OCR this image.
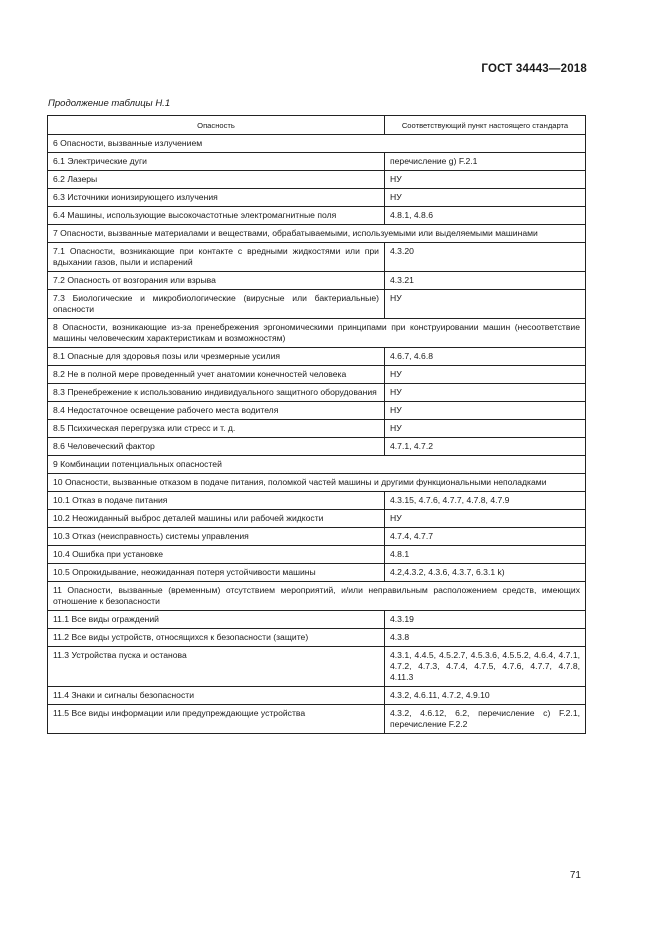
ГОСТ 34443—2018
Продолжение таблицы Н.1
Опасность	Соответствующий пункт настоящего стандарта
6 Опасности, вызванные излучением	
6.1 Электрические дуги	перечисление g) F.2.1
6.2 Лазеры	НУ
6.3 Источники ионизирующего излучения	НУ
6.4 Машины, использующие высокочастотные электромагнитные поля	4.8.1, 4.8.6
7 Опасности, вызванные материалами и веществами, обрабатываемыми, используемыми или выделяемыми машинами	
7.1 Опасности, возникающие при контакте с вредными жидкостями или при вдыхании газов, пыли и испарений	4.3.20
7.2 Опасность от возгорания или взрыва	4.3.21
7.3 Биологические и микробиологические (вирусные или бактериальные) опасности	НУ
8 Опасности, возникающие из-за пренебрежения эргономическими принципами при конструировании машин (несоответствие машины человеческим характеристикам и возможностям)	
8.1 Опасные для здоровья позы или чрезмерные усилия	4.6.7, 4.6.8
8.2 Не в полной мере проведенный учет анатомии конечностей человека	НУ
8.3 Пренебрежение к использованию индивидуального защитного оборудования	НУ
8.4 Недостаточное освещение рабочего места водителя	НУ
8.5 Психическая перегрузка или стресс и т. д.	НУ
8.6 Человеческий фактор	4.7.1, 4.7.2
9 Комбинации потенциальных опасностей	
10 Опасности, вызванные отказом в подаче питания, поломкой частей машины и другими функциональными неполадками	
10.1 Отказ в подаче питания	4.3.15, 4.7.6, 4.7.7, 4.7.8, 4.7.9
10.2 Неожиданный выброс деталей машины или рабочей жидкости	НУ
10.3 Отказ (неисправность) системы управления	4.7.4, 4.7.7
10.4 Ошибка при установке	4.8.1
10.5 Опрокидывание, неожиданная потеря устойчивости машины	4.2,4.3.2, 4.3.6, 4.3.7, 6.3.1 k)
11 Опасности, вызванные (временным) отсутствием мероприятий, и/или неправильным расположением средств, имеющих отношение к безопасности	
11.1 Все виды ограждений	4.3.19
11.2 Все виды устройств, относящихся к безопасности (защите)	4.3.8
11.3 Устройства пуска и останова	4.3.1, 4.4.5, 4.5.2.7, 4.5.3.6, 4.5.5.2, 4.6.4, 4.7.1, 4.7.2, 4.7.3, 4.7.4, 4.7.5, 4.7.6, 4.7.7, 4.7.8, 4.11.3
11.4 Знаки и сигналы безопасности	4.3.2, 4.6.11, 4.7.2, 4.9.10
11.5 Все виды информации или предупреждающие устройства	4.3.2, 4.6.12, 6.2, перечисление с) F.2.1, перечисление F.2.2
71
